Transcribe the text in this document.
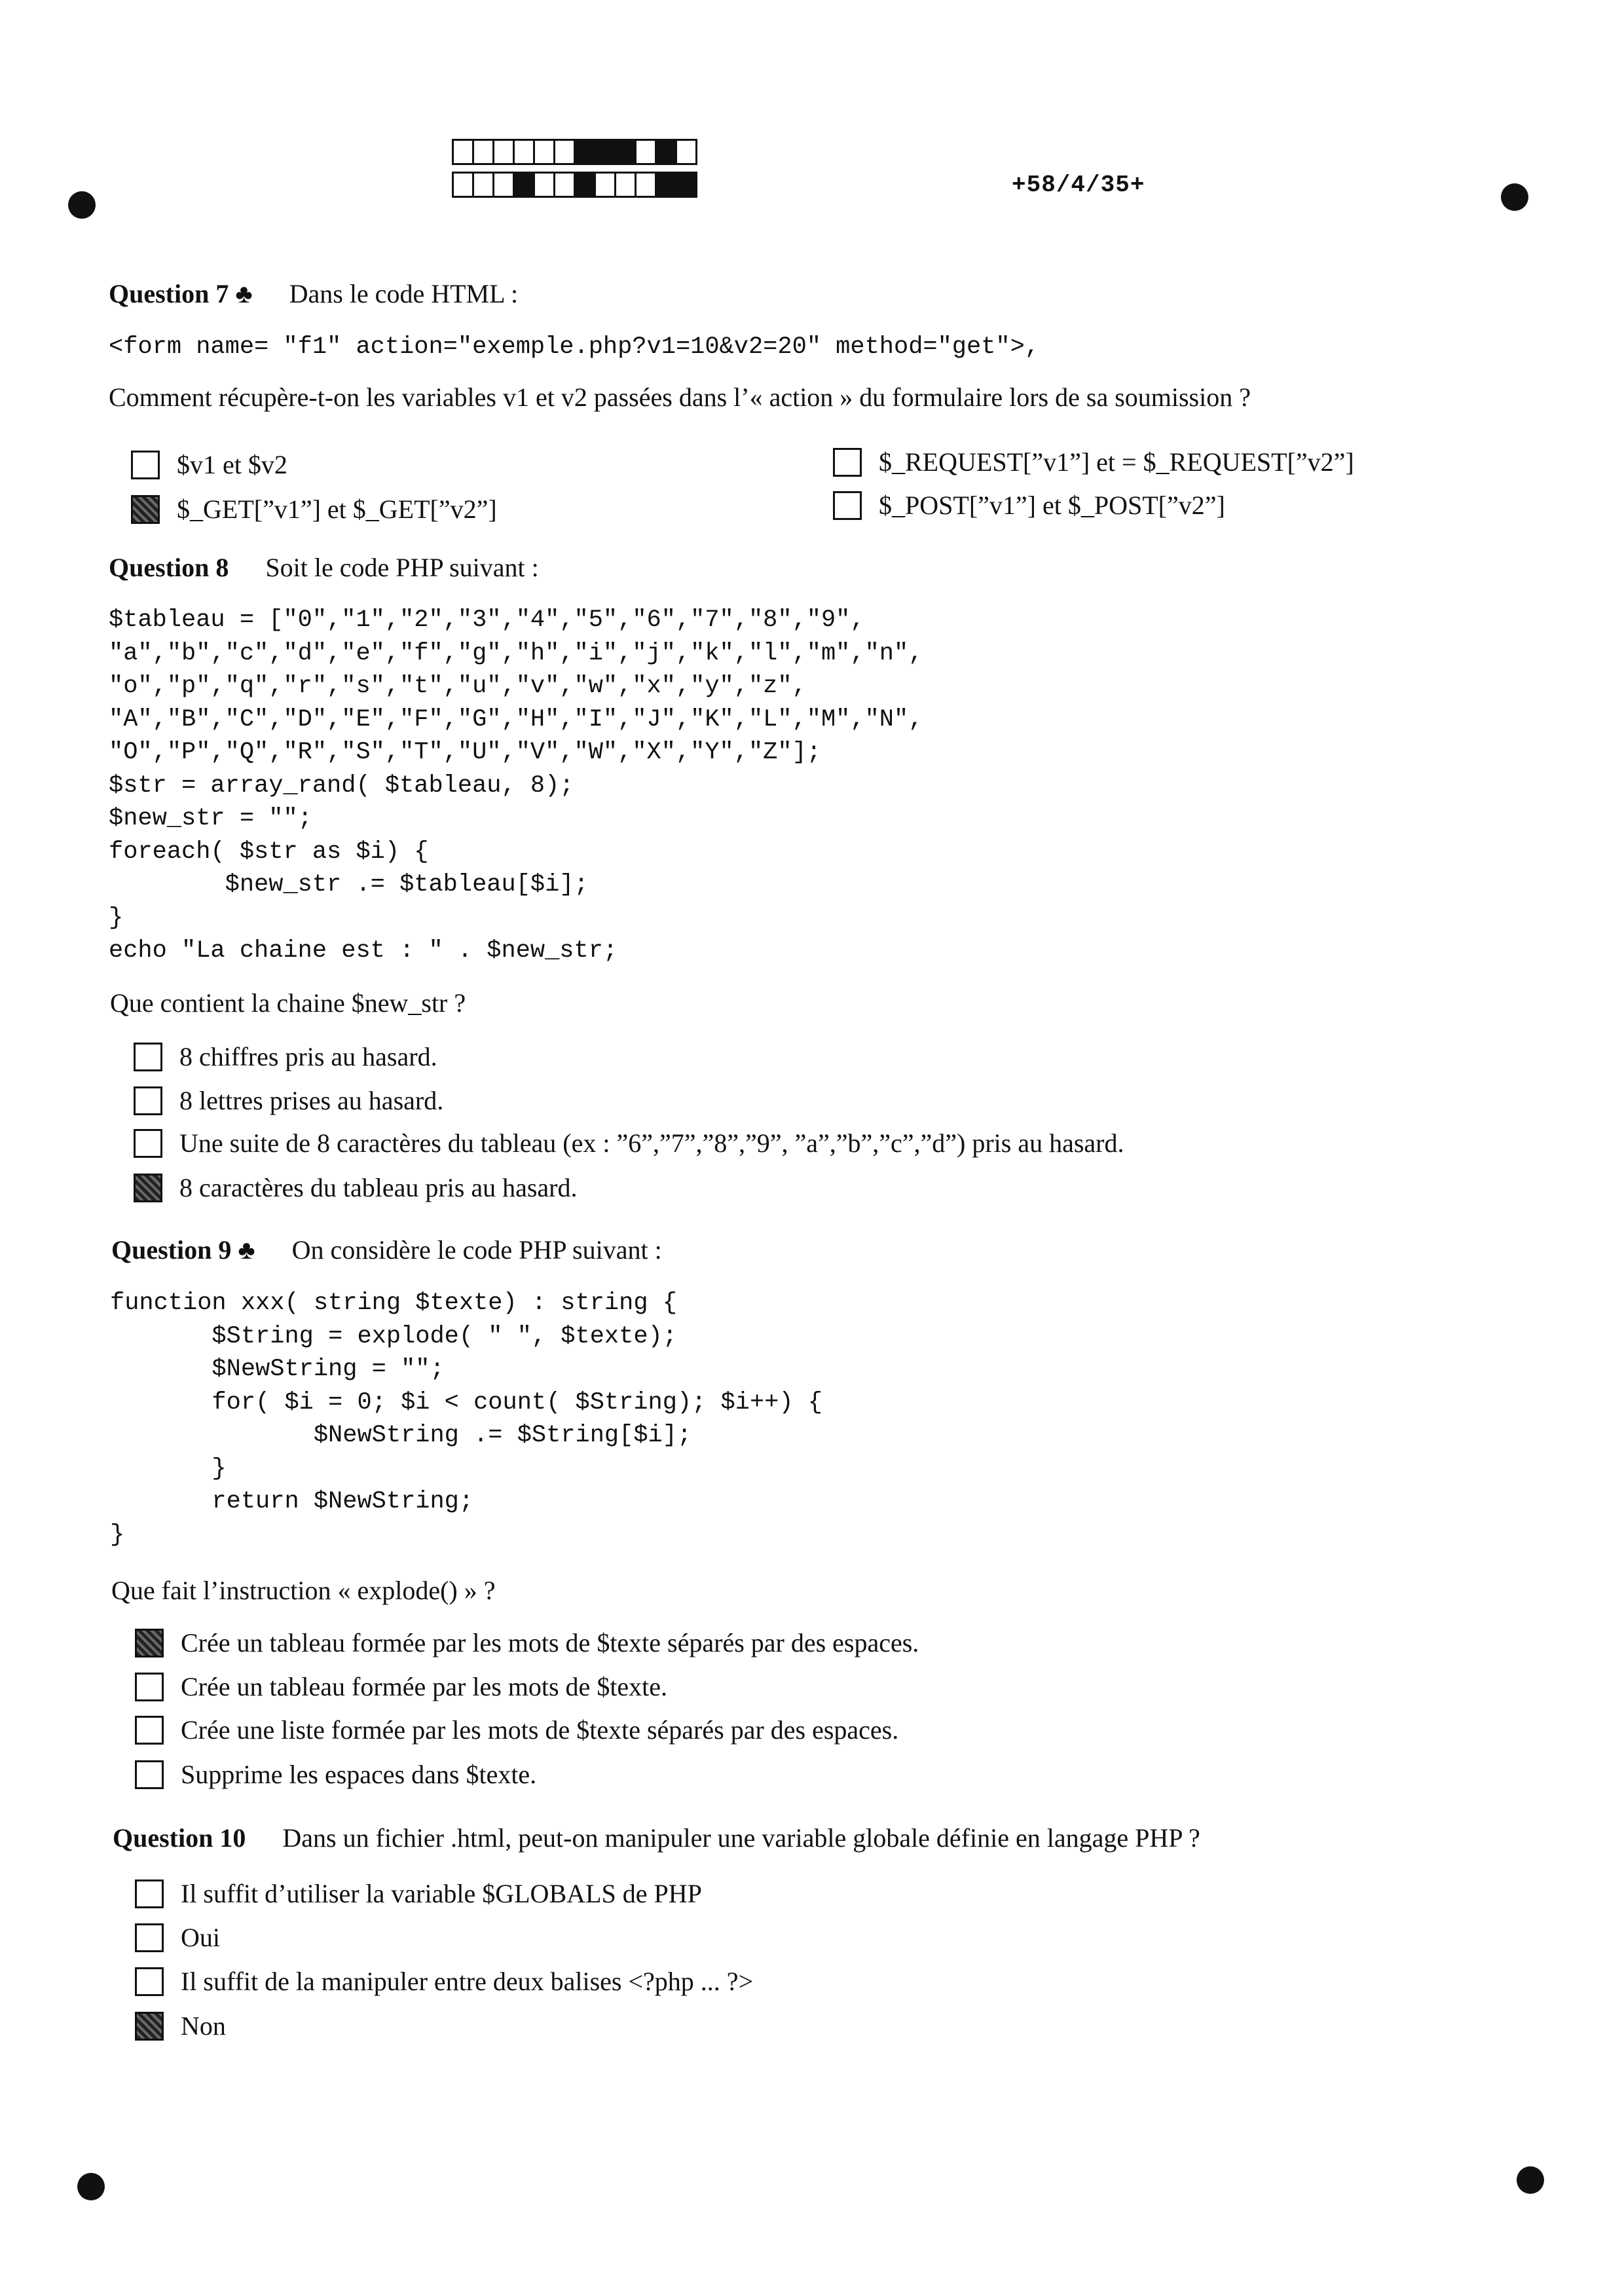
+58/4/35+
Question 7 ♣ Dans le code HTML :
<form name= "f1" action="exemple.php?v1=10&v2=20" method="get">,
Comment récupère-t-on les variables v1 et v2 passées dans l’« action » du formulaire lors de sa soumission ?
$v1 et $v2
$_GET[”v1”] et $_GET[”v2”]
$_REQUEST[”v1”] et = $_REQUEST[”v2”]
$_POST[”v1”] et $_POST[”v2”]
Question 8 Soit le code PHP suivant :
$tableau = ["0","1","2","3","4","5","6","7","8","9",
"a","b","c","d","e","f","g","h","i","j","k","l","m","n",
"o","p","q","r","s","t","u","v","w","x","y","z",
"A","B","C","D","E","F","G","H","I","J","K","L","M","N",
"O","P","Q","R","S","T","U","V","W","X","Y","Z"];
$str = array_rand( $tableau, 8);
$new_str = "";
foreach( $str as $i) {
$new_str .= $tableau[$i];
}
echo "La chaine est : " . $new_str;
Que contient la chaine $new_str ?
8 chiffres pris au hasard.
8 lettres prises au hasard.
Une suite de 8 caractères du tableau (ex : ”6”,”7”,”8”,”9”, ”a”,”b”,”c”,”d”) pris au hasard.
8 caractères du tableau pris au hasard.
Question 9 ♣ On considère le code PHP suivant :
function xxx( string $texte) : string {
$String = explode( " ", $texte);
$NewString = "";
for( $i = 0; $i < count( $String); $i++) {
$NewString .= $String[$i];
}
return $NewString;
}
Que fait l’instruction « explode() » ?
Crée un tableau formée par les mots de $texte séparés par des espaces.
Crée un tableau formée par les mots de $texte.
Crée une liste formée par les mots de $texte séparés par des espaces.
Supprime les espaces dans $texte.
Question 10 Dans un fichier .html, peut-on manipuler une variable globale définie en langage PHP ?
Il suffit d’utiliser la variable $GLOBALS de PHP
Oui
Il suffit de la manipuler entre deux balises <?php ... ?>
Non
